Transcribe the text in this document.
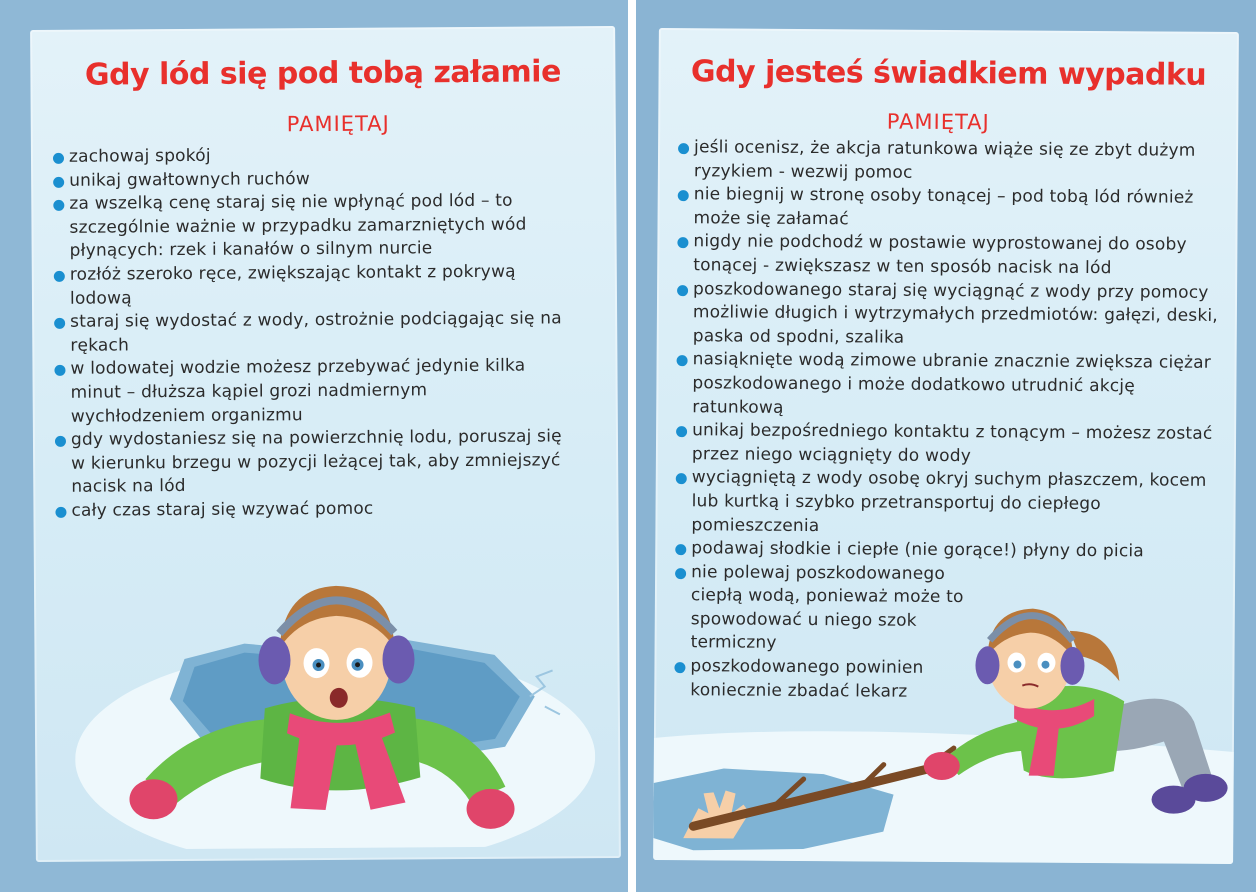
Gdy lód się pod tobą załamie
PAMIĘTAJ
zachowaj spokój
unikaj gwałtownych ruchów
za wszelką cenę staraj się nie wpłynąć pod lód – to szczególnie ważnie w przypadku zamarzniętych wód płynących: rzek i kanałów o silnym nurcie
rozłóż szeroko ręce, zwiększając kontakt z pokrywą lodową
staraj się wydostać z wody, ostrożnie podciągając się na rękach
w lodowatej wodzie możesz przebywać jedynie kilka minut – dłuższa kąpiel grozi nadmiernym wychłodzeniem organizmu
gdy wydostaniesz się na powierzchnię lodu, poruszaj się w kierunku brzegu w pozycji leżącej tak, aby zmniejszyć nacisk na lód
cały czas staraj się wzywać pomoc
Gdy jesteś świadkiem wypadku
PAMIĘTAJ
jeśli ocenisz, że akcja ratunkowa wiąże się ze zbyt dużym ryzykiem - wezwij pomoc
nie biegnij w stronę osoby tonącej – pod tobą lód również może się załamać
nigdy nie podchodź w postawie wyprostowanej do osoby tonącej - zwiększasz w ten sposób nacisk na lód
poszkodowanego staraj się wyciągnąć z wody przy pomocy możliwie długich i wytrzymałych przedmiotów: gałęzi, deski, paska od spodni, szalika
nasiąknięte wodą zimowe ubranie znacznie zwiększa ciężar poszkodowanego i może dodatkowo utrudnić akcję ratunkową
unikaj bezpośredniego kontaktu z tonącym – możesz zostać przez niego wciągnięty do wody
wyciągniętą z wody osobę okryj suchym płaszczem, kocem lub kurtką i szybko przetransportuj do ciepłego pomieszczenia
podawaj słodkie i ciepłe (nie gorące!) płyny do picia
nie polewaj poszkodowanego ciepłą wodą, ponieważ może to spowodować u niego szok termiczny
poszkodowanego powinien koniecznie zbadać lekarz
